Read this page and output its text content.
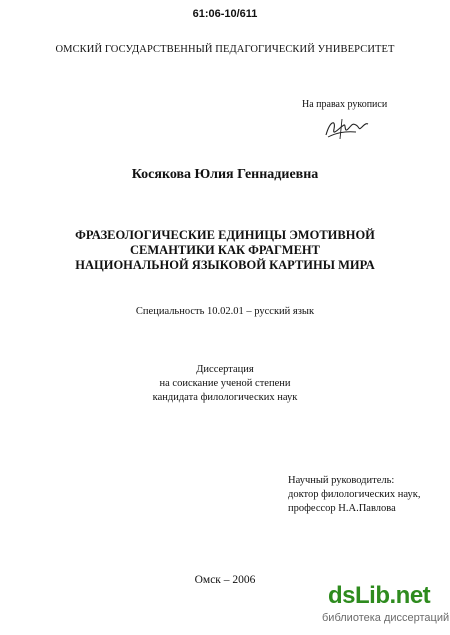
61:06-10/611
ОМСКИЙ ГОСУДАРСТВЕННЫЙ ПЕДАГОГИЧЕСКИЙ УНИВЕРСИТЕТ
На правах рукописи
Косякова Юлия Геннадиевна
ФРАЗЕОЛОГИЧЕСКИЕ ЕДИНИЦЫ ЭМОТИВНОЙ
СЕМАНТИКИ КАК ФРАГМЕНТ
НАЦИОНАЛЬНОЙ ЯЗЫКОВОЙ КАРТИНЫ МИРА
Специальность 10.02.01 – русский язык
Диссертация
на соискание ученой степени
кандидата филологических наук
Научный руководитель:
доктор филологических наук,
профессор Н.А.Павлова
Омск – 2006
dsLib.net
библиотека диссертаций
